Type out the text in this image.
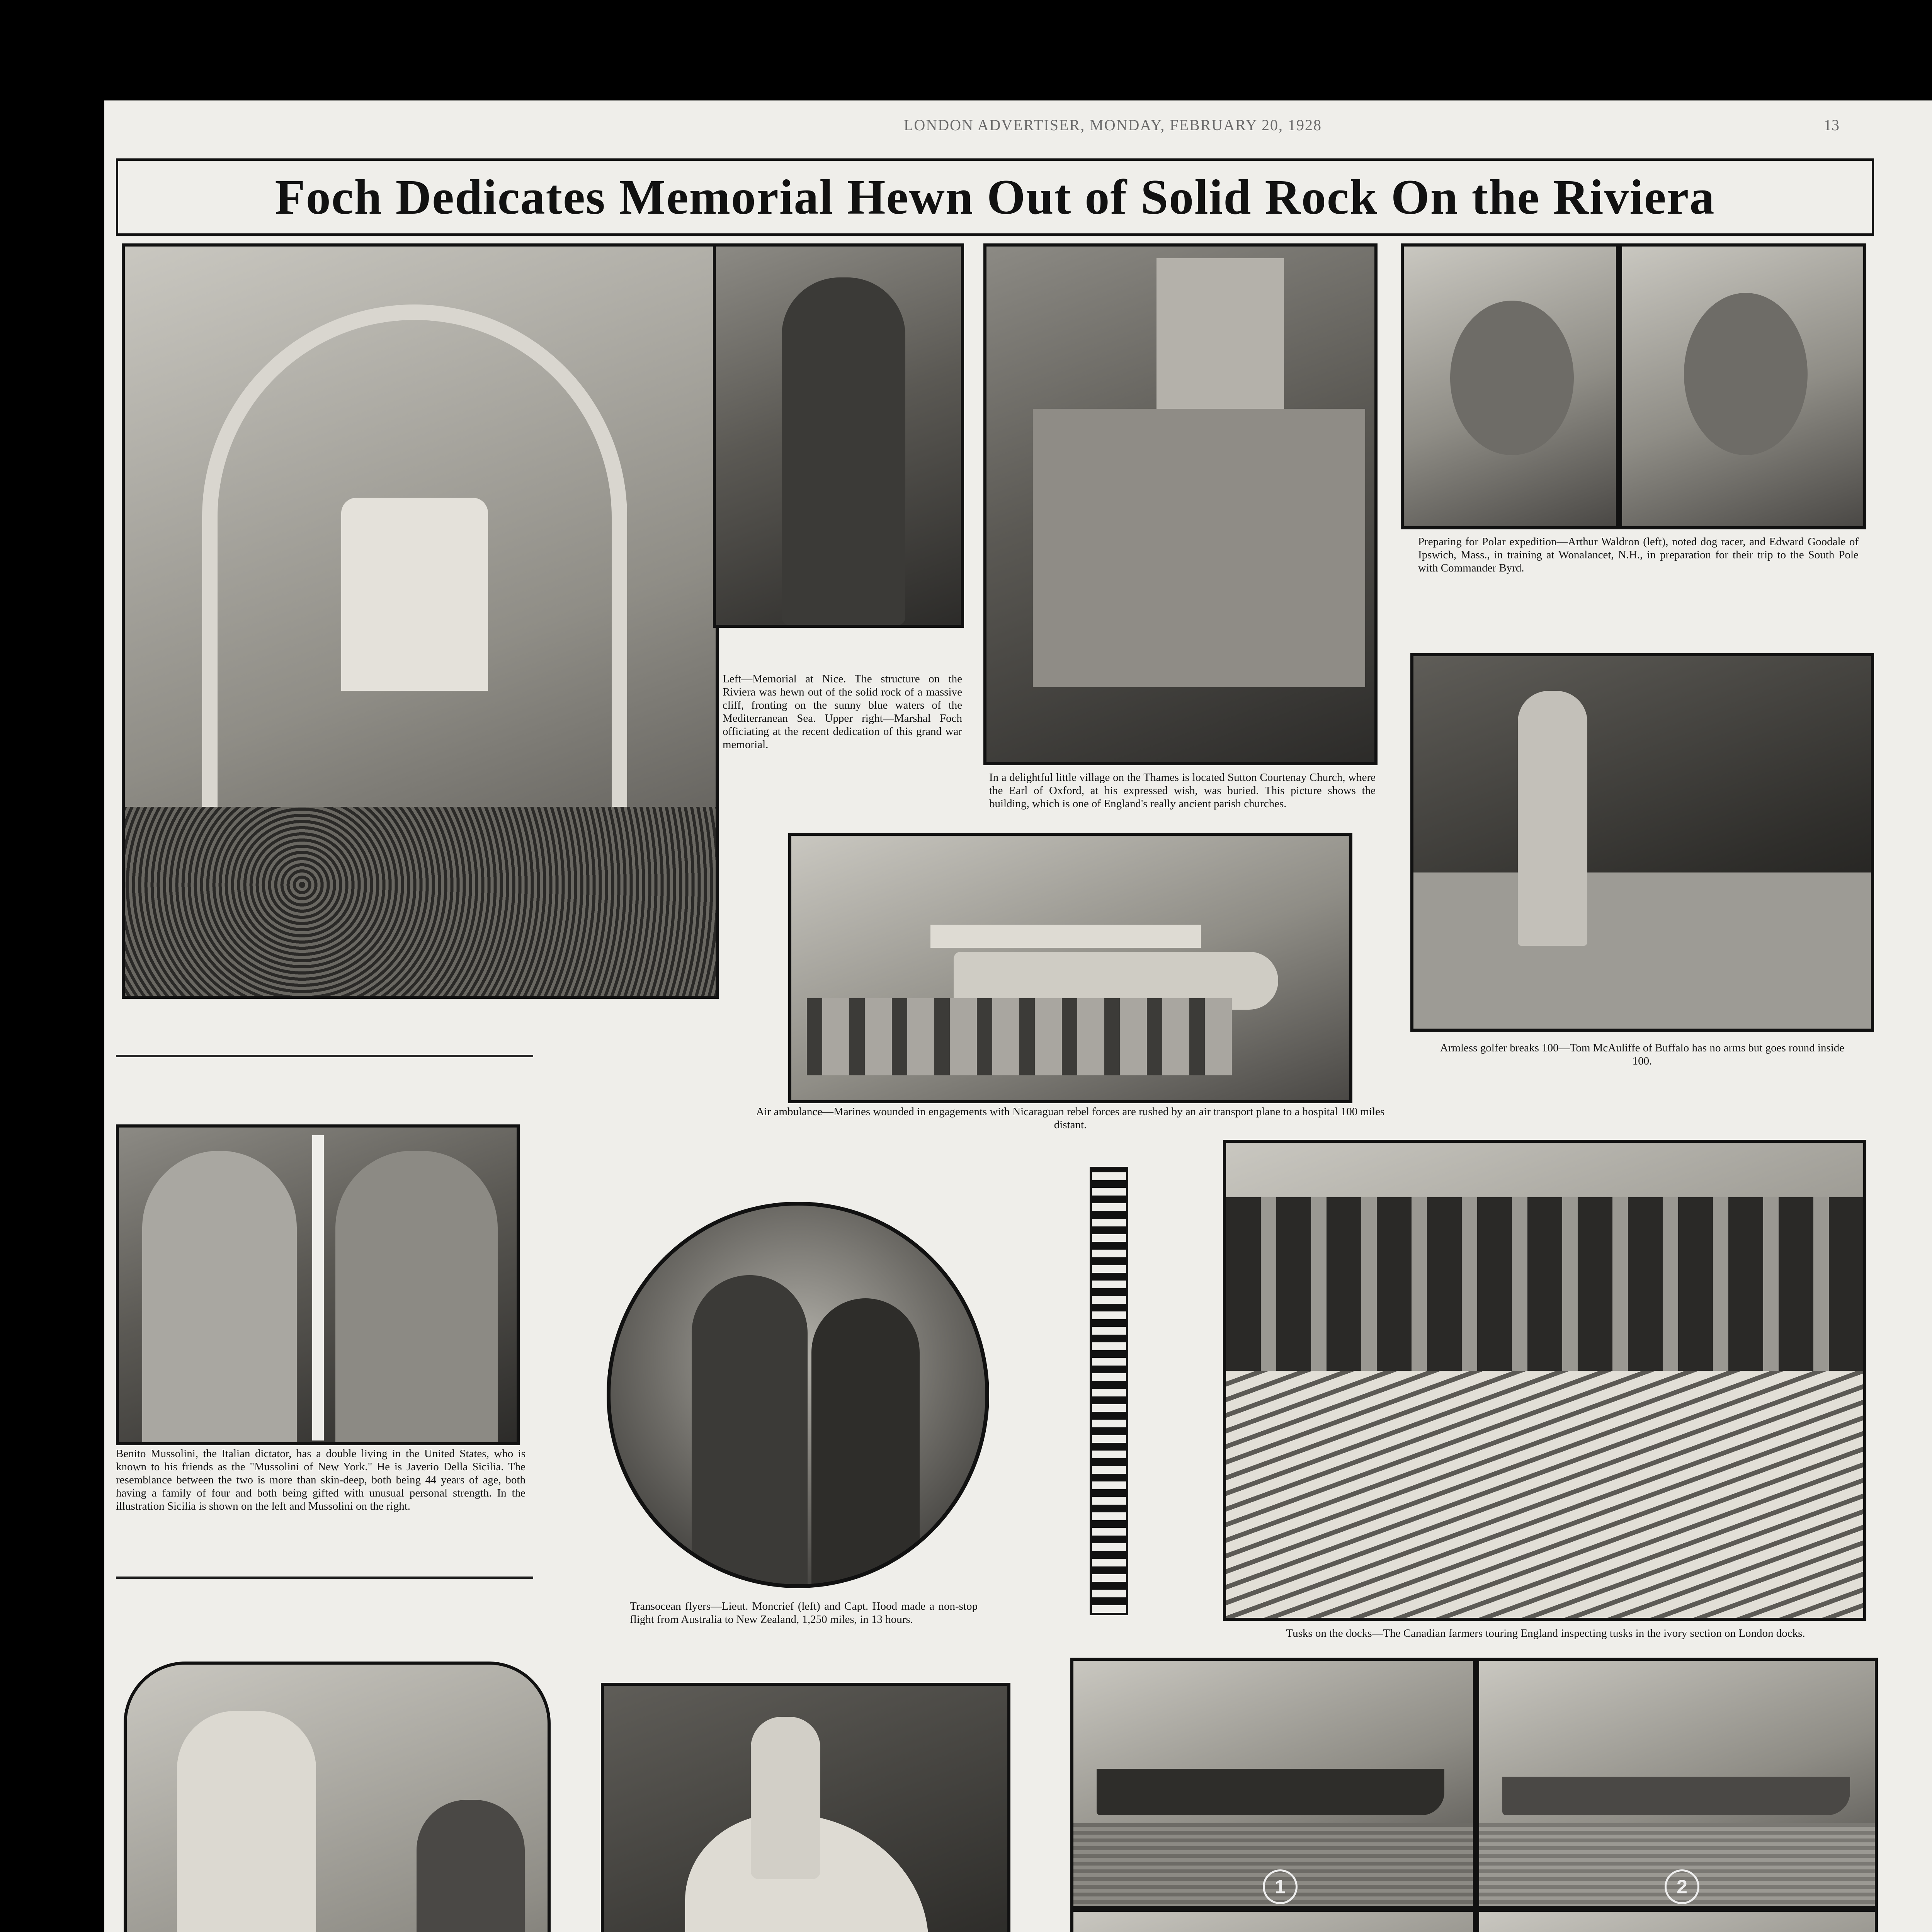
LONDON ADVERTISER, MONDAY, FEBRUARY 20, 1928	13
Foch Dedicates Memorial Hewn Out of Solid Rock On the Riviera
Left—Memorial at Nice. The structure on the Riviera was hewn out of the solid rock of a massive cliff, fronting on the sunny blue waters of the Mediterranean Sea. Upper right—Marshal Foch officiating at the recent dedication of this grand war memorial.
In a delightful little village on the Thames is located Sutton Courtenay Church, where the Earl of Oxford, at his expressed wish, was buried. This picture shows the building, which is one of England's really ancient parish churches.
Preparing for Polar expedition—Arthur Waldron (left), noted dog racer, and Edward Goodale of Ipswich, Mass., in training at Wonalancet, N.H., in preparation for their trip to the South Pole with Commander Byrd.
Armless golfer breaks 100—Tom McAuliffe of Buffalo has no arms but goes round inside 100.
Air ambulance—Marines wounded in engagements with Nicaraguan rebel forces are rushed by an air transport plane to a hospital 100 miles distant.
Benito Mussolini, the Italian dictator, has a double living in the United States, who is known to his friends as the "Mussolini of New York." He is Javerio Della Sicilia. The resemblance between the two is more than skin-deep, both being 44 years of age, both having a family of four and both being gifted with unusual personal strength. In the illustration Sicilia is shown on the left and Mussolini on the right.
Transocean flyers—Lieut. Moncrief (left) and Capt. Hood made a non-stop flight from Australia to New Zealand, 1,250 miles, in 13 hours.
Tusks on the docks—The Canadian farmers touring England inspecting tusks in the ivory section on London docks.
1	2
